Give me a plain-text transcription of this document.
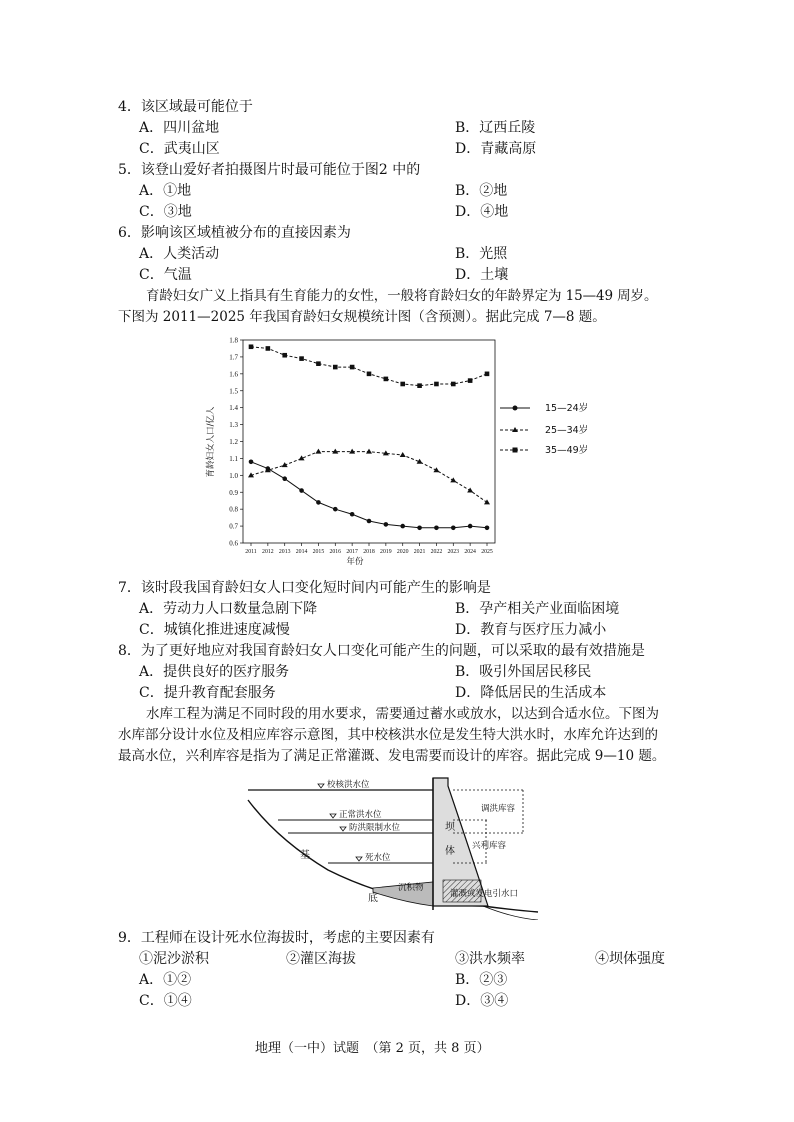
4．该区域最可能位于
A．四川盆地	B．辽西丘陵
C．武夷山区	D．青藏高原
5．该登山爱好者拍摄图片时最可能位于图2 中的
A．①地	B．②地
C．③地	D．④地
6．影响该区域植被分布的直接因素为
A．人类活动	B．光照
C．气温	D．土壤
育龄妇女广义上指具有生育能力的女性，一般将育龄妇女的年龄界定为 15—49 周岁。
下图为 2011—2025 年我国育龄妇女规模统计图（含预测）。据此完成 7—8 题。
0.6
0.7
0.8
0.9
1.0
1.1
1.2
1.3
1.4
1.5
1.6
1.7
1.8
2011 2012 2013 2014 2015 2016 2017 2018 2019 2020 2021 2022 2023 2024 2025
年份
育龄妇女人口/亿人	15—24岁
25—34岁
35—49岁
7．该时段我国育龄妇女人口变化短时间内可能产生的影响是
A．劳动力人口数量急剧下降	B．孕产相关产业面临困境
C．城镇化推进速度减慢	D．教育与医疗压力减小
8．为了更好地应对我国育龄妇女人口变化可能产生的问题，可以采取的最有效措施是
A．提供良好的医疗服务	B．吸引外国居民移民
C．提升教育配套服务	D．降低居民的生活成本
水库工程为满足不同时段的用水要求，需要通过蓄水或放水，以达到合适水位。下图为
水库部分设计水位及相应库容示意图，其中校核洪水位是发生特大洪水时，水库允许达到的
最高水位，兴利库容是指为了满足正常灌溉、发电需要而设计的库容。据此完成 9—10 题。
校核洪水位
正常洪水位
防洪限制水位
死水位
沉积物
基
底
坝
体
调洪库容
兴利库容
灌溉或发电引水口
9．工程师在设计死水位海拔时，考虑的主要因素有
①泥沙淤积	②灌区海拔	③洪水频率	④坝体强度
A．①②	B．②③
C．①④	D．③④
地理（一中）试题　（第 2 页，共 8 页）
